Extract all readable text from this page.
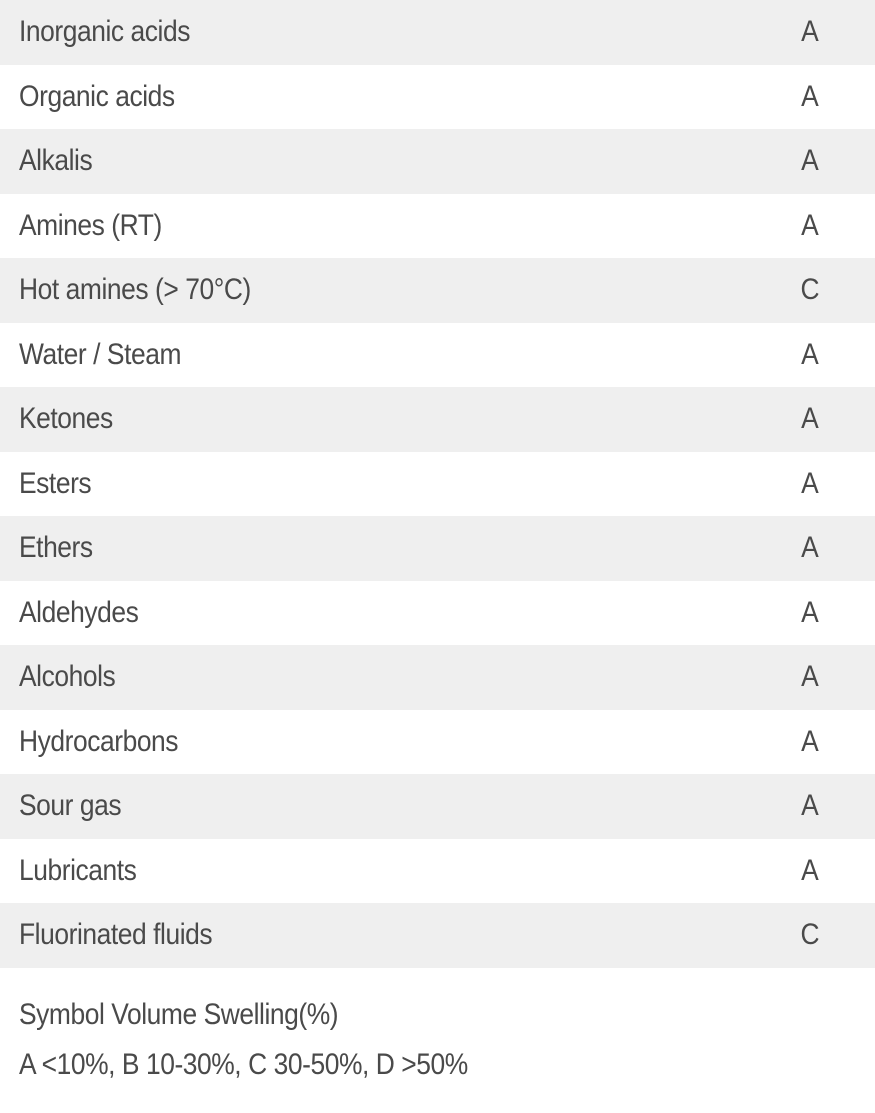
Inorganic acids	A
Organic acids	A
Alkalis	A
Amines (RT)	A
Hot amines (> 70°C)	C
Water / Steam	A
Ketones	A
Esters	A
Ethers	A
Aldehydes	A
Alcohols	A
Hydrocarbons	A
Sour gas	A
Lubricants	A
Fluorinated fluids	C
Symbol Volume Swelling(%)
A <10%, B 10-30%, C 30-50%, D >50%
